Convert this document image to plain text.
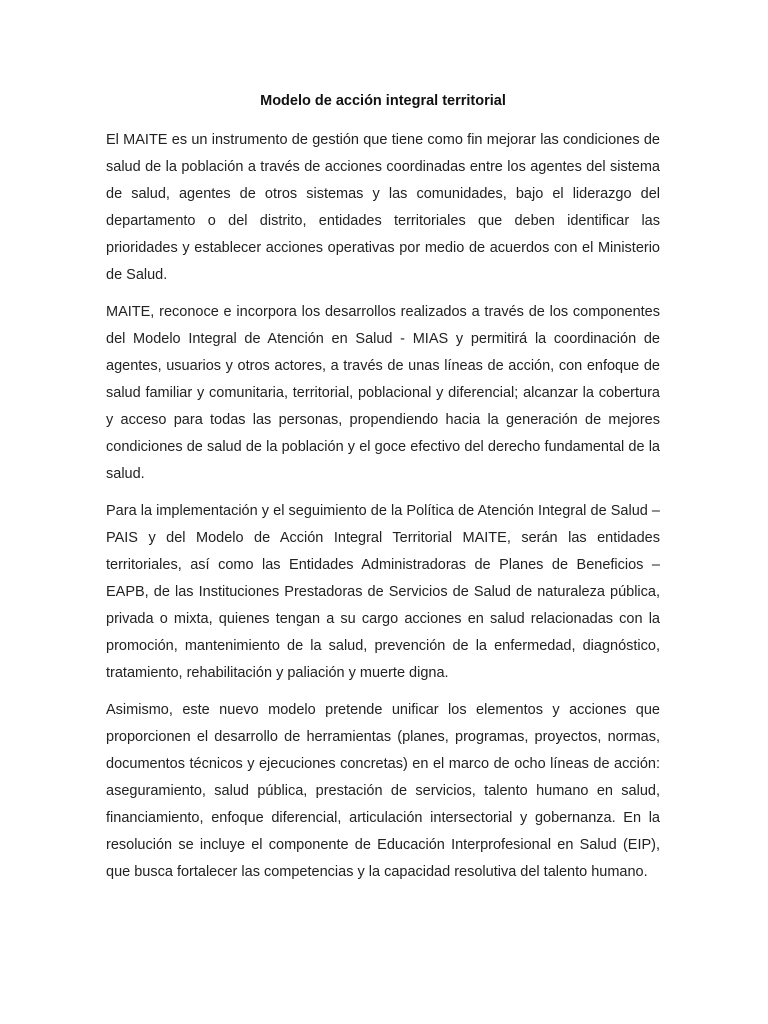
Modelo de acción integral territorial

El MAITE es un instrumento de gestión que tiene como fin mejorar las condiciones de salud de la población a través de acciones coordinadas entre los agentes del sistema de salud, agentes de otros sistemas y las comunidades, bajo el liderazgo del departamento o del distrito, entidades territoriales que deben identificar las prioridades y establecer acciones operativas por medio de acuerdos con el Ministerio de Salud.

MAITE, reconoce e incorpora los desarrollos realizados a través de los componentes del Modelo Integral de Atención en Salud - MIAS y permitirá la coordinación de agentes, usuarios y otros actores, a través de unas líneas de acción, con enfoque de salud familiar y comunitaria, territorial, poblacional y diferencial; alcanzar la cobertura y acceso para todas las personas, propendiendo hacia la generación de mejores condiciones de salud de la población y el goce efectivo del derecho fundamental de la salud.

Para la implementación y el seguimiento de la Política de Atención Integral de Salud – PAIS y del Modelo de Acción Integral Territorial MAITE, serán las entidades territoriales, así como las Entidades Administradoras de Planes de Beneficios – EAPB, de las Instituciones Prestadoras de Servicios de Salud de naturaleza pública, privada o mixta, quienes tengan a su cargo acciones en salud relacionadas con la promoción, mantenimiento de la salud, prevención de la enfermedad, diagnóstico, tratamiento, rehabilitación y paliación y muerte digna.

Asimismo, este nuevo modelo pretende unificar los elementos y acciones que proporcionen el desarrollo de herramientas (planes, programas, proyectos, normas, documentos técnicos y ejecuciones concretas) en el marco de ocho líneas de acción: aseguramiento, salud pública, prestación de servicios, talento humano en salud, financiamiento, enfoque diferencial, articulación intersectorial y gobernanza. En la resolución se incluye el componente de Educación Interprofesional en Salud (EIP), que busca fortalecer las competencias y la capacidad resolutiva del talento humano.
